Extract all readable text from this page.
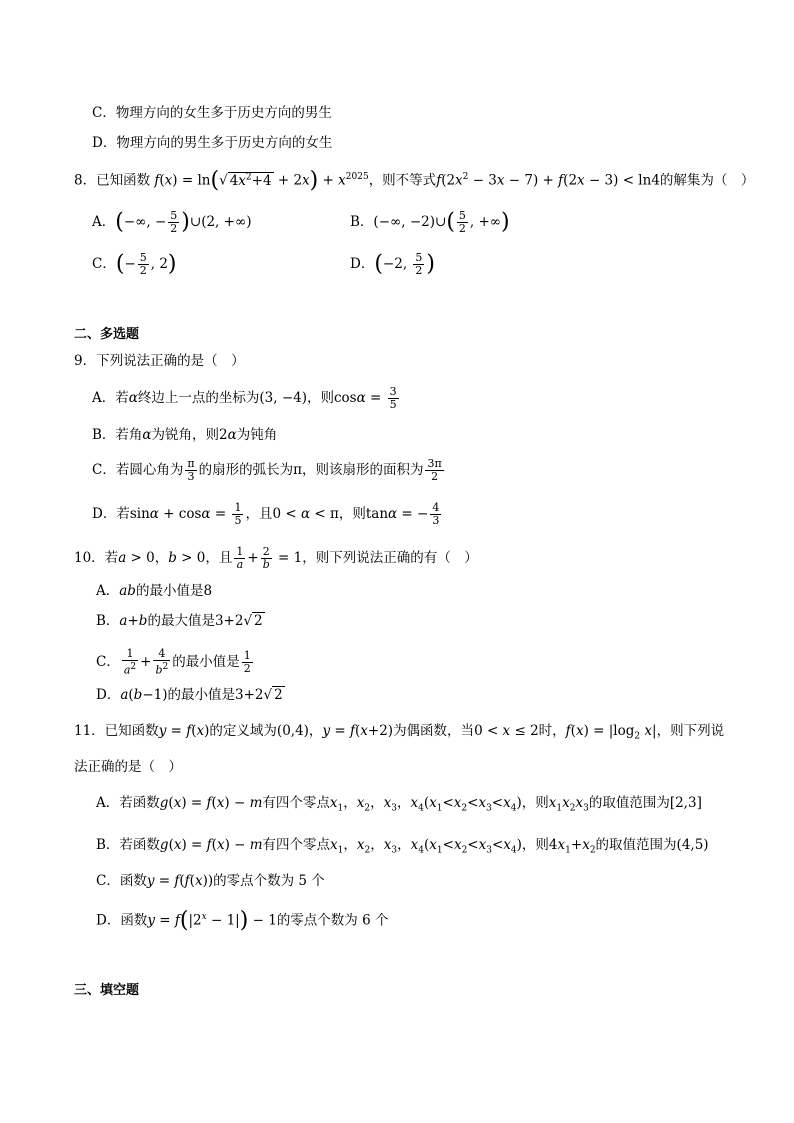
C．物理方向的女生多于历史方向的男生
D．物理方向的男生多于历史方向的女生
8．已知函数 f(x) = ln(√ $4x^2+4 + 2x) + x^{2025}$，则不等式$f(2x^2 - 3x - 7) + f(2x - 3) < \ln 4$的解集为（　）
A．(−∞, − $\frac{5}{2}$ )∪(2, +∞)	B．(−∞, −2)∪( $\frac{5}{2}$ , +∞)
C．(− $\frac{5}{2}$ , 2)	D．(−2, $\frac{5}{2}$ )
二、多选题
9．下列说法正确的是（　）
A．若α终边上一点的坐标为(3, −4)，则$\cos\alpha = \frac{3}{5}$
B．若角α为锐角，则2α为钝角
C．若圆心角为 $\frac{\pi}{3}$ 的扇形的弧长为π，则该扇形的面积为 $\frac{3\pi}{2}$
D．若$\sin\alpha + \cos\alpha = \frac{1}{5}$ ，且0 < α < π，则tanα = − $\frac{4}{3}$
10．若a > 0，b > 0，且 $\frac{1}{a} + \frac{2}{b} = 1$，则下列说法正确的有（　）
A．ab的最小值是8
B．a+b的最大值是3+2√ 2
C． $\frac{1}{a^2} + \frac{4}{b^2}$ 的最小值是 $\frac{1}{2}$
D．a(b−1)的最小值是3+2√ 2
11．已知函数y = f(x)的定义域为(0,4)，y = f(x+2)为偶函数，当0 < x ≤ 2时，$f(x) = |\log_2$ x|，则下列说
法正确的是（　）
A．若函数g(x) = f(x) − m有四个零点$x_1$，$x_2$，$x_3$，$x_4(x_1<x_2<x_3<x_4)$，则$x_1x_2x_3$的取值范围为[2,3]
B．若函数g(x) = f(x) − m有四个零点$x_1$，$x_2$，$x_3$，$x_4(x_1<x_2<x_3<x_4)$，则$4x_1+x_2$的取值范围为(4,5)
C．函数y = f(f(x))的零点个数为 5 个
D．函数$y = f(|2^x - 1|) - 1$的零点个数为 6 个
三、填空题
